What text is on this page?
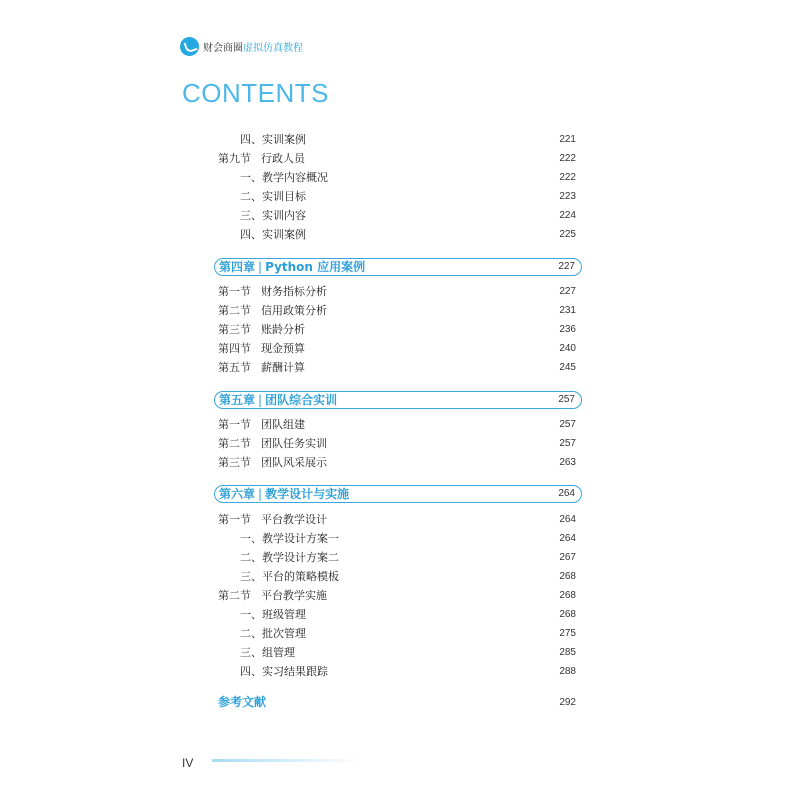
财会商圈虚拟仿真教程
CONTENTS
四、实训案例	221
第九节 行政人员	222
一、教学内容概况	222
二、实训目标	223
三、实训内容	224
四、实训案例	225
第四章 | Python 应用案例	227
第一节 财务指标分析	227
第二节 信用政策分析	231
第三节 账龄分析	236
第四节 现金预算	240
第五节 薪酬计算	245
第五章 | 团队综合实训	257
第一节 团队组建	257
第二节 团队任务实训	257
第三节 团队风采展示	263
第六章 | 教学设计与实施	264
第一节 平台教学设计	264
一、教学设计方案一	264
二、教学设计方案二	267
三、平台的策略模板	268
第二节 平台教学实施	268
一、班级管理	268
二、批次管理	275
三、组管理	285
四、实习结果跟踪	288
参考文献	292
IV
